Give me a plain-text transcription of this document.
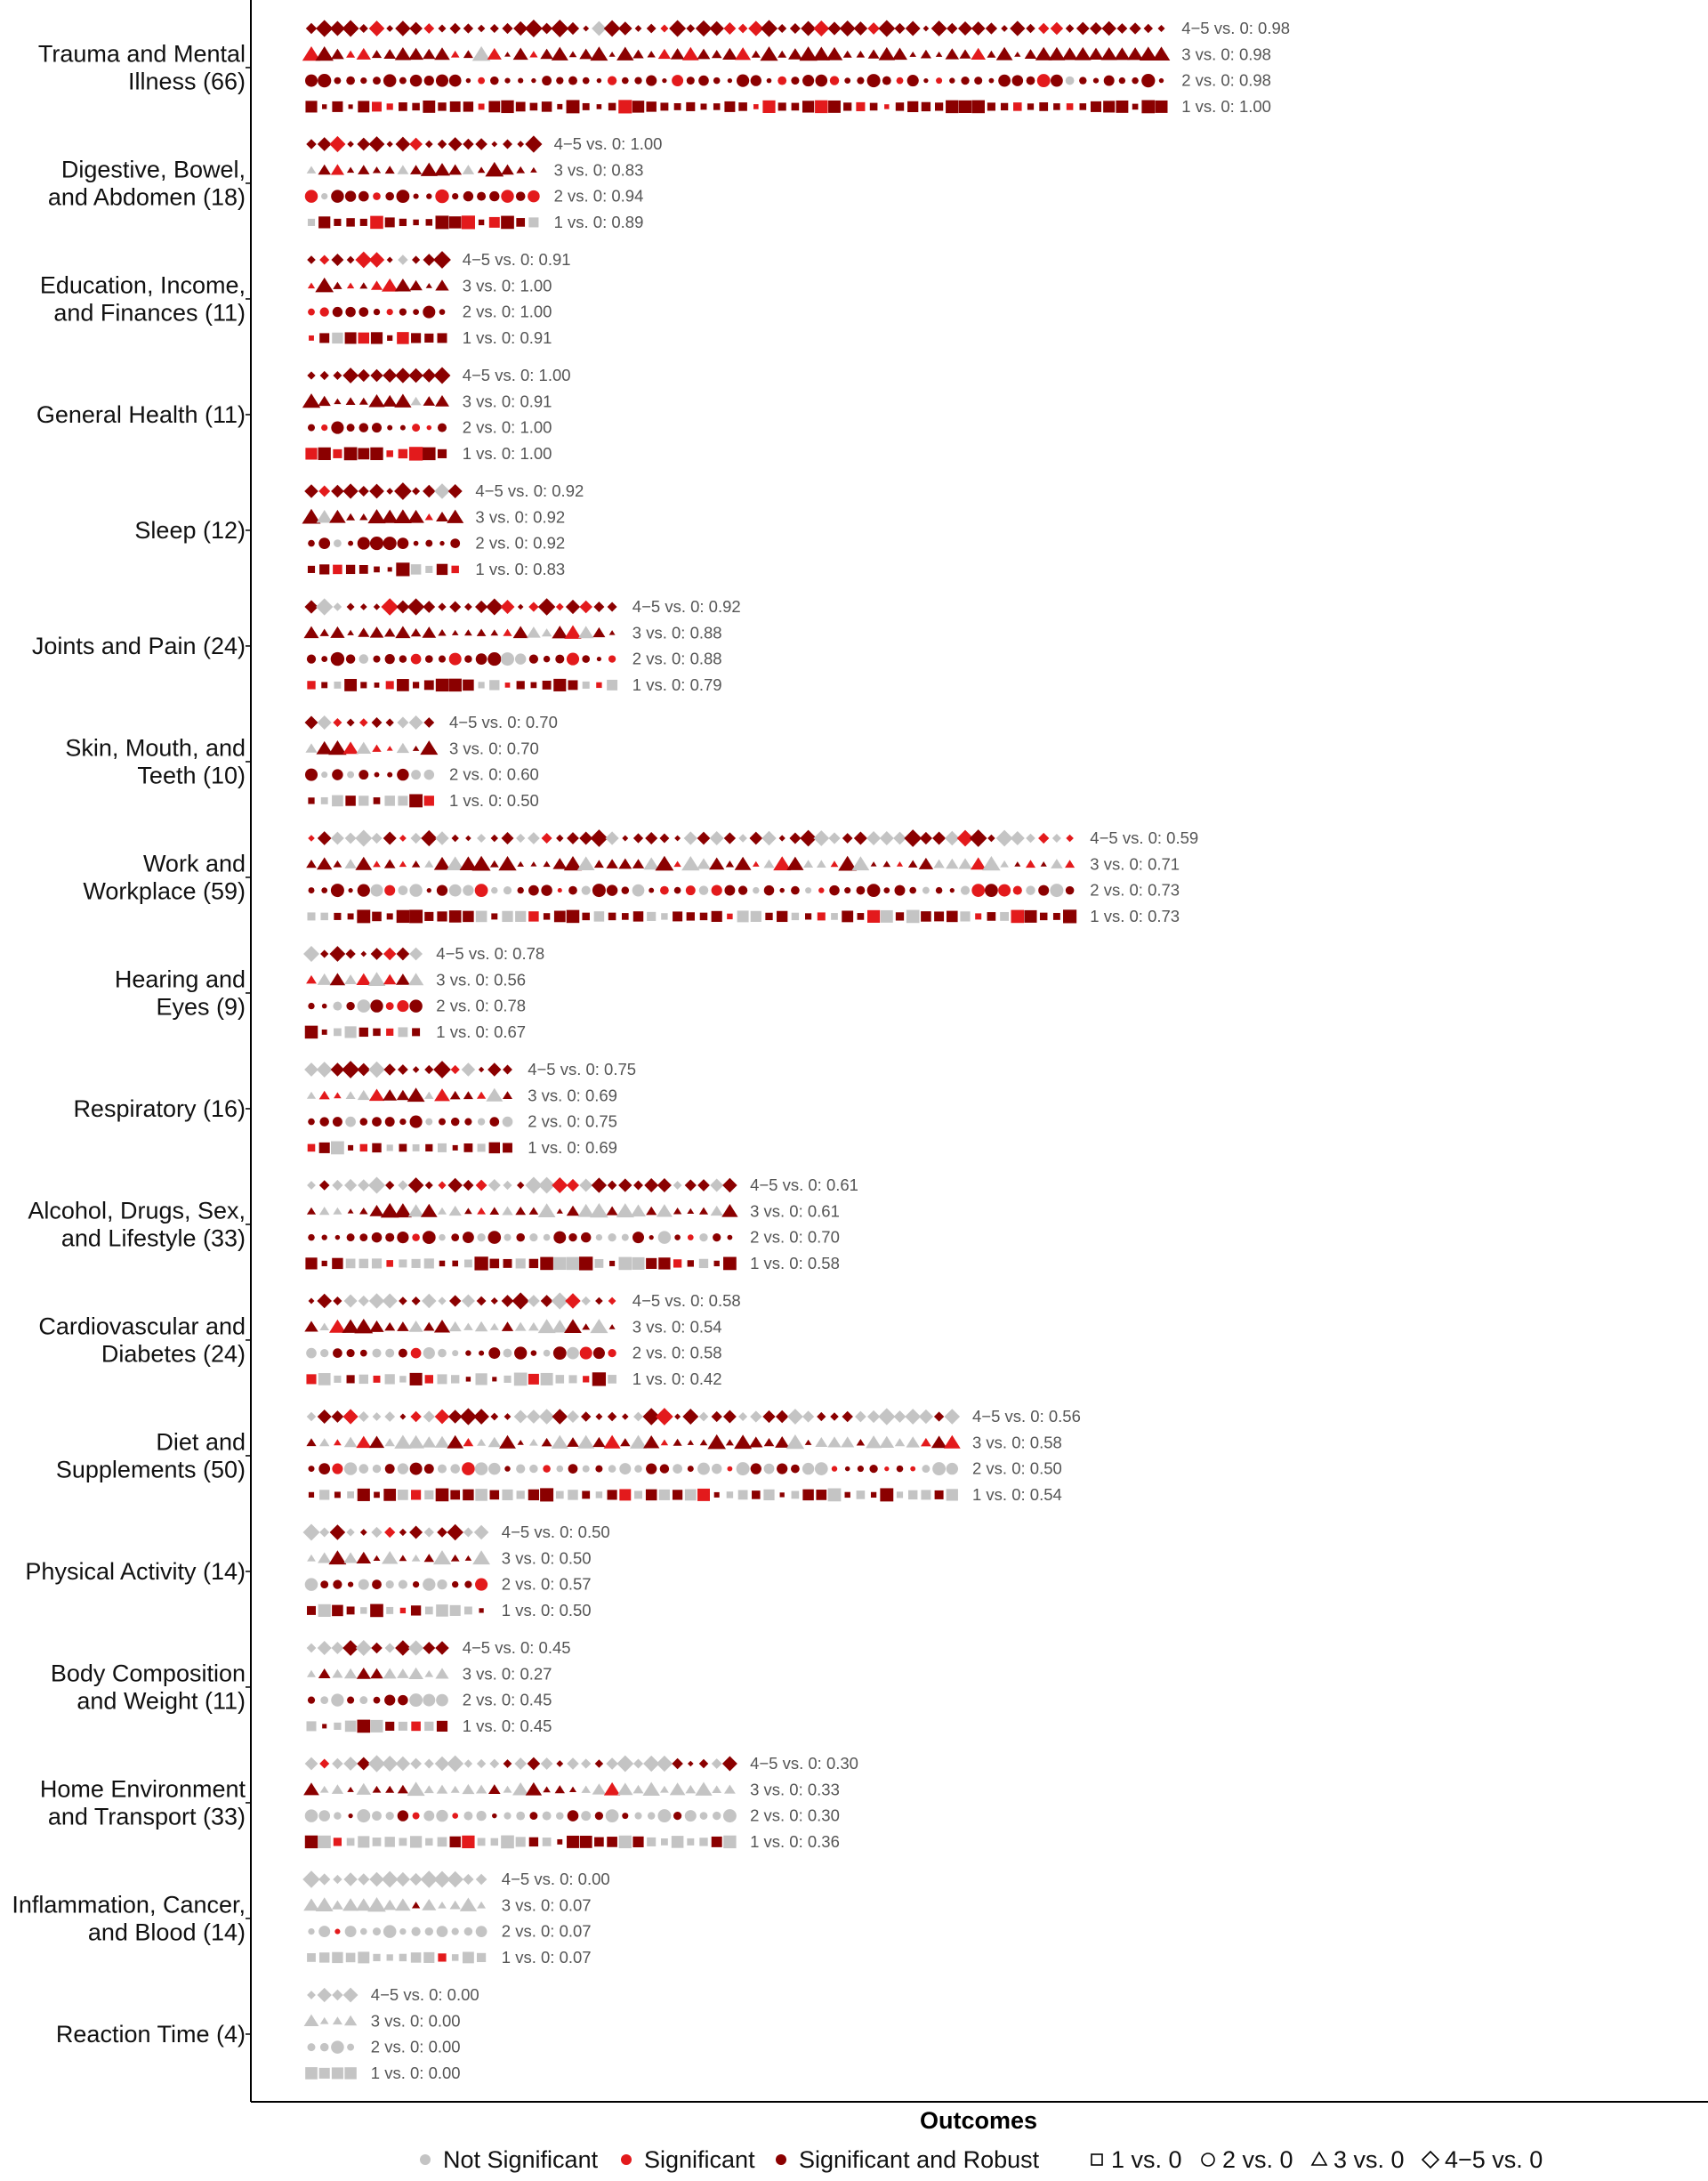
Trauma and Mental
Illness (66)
4−5 vs. 0: 0.98
3 vs. 0: 0.98
2 vs. 0: 0.98
1 vs. 0: 1.00
Digestive, Bowel,
and Abdomen (18)
4−5 vs. 0: 1.00
3 vs. 0: 0.83
2 vs. 0: 0.94
1 vs. 0: 0.89
Education, Income,
and Finances (11)
4−5 vs. 0: 0.91
3 vs. 0: 1.00
2 vs. 0: 1.00
1 vs. 0: 0.91
General Health (11)
4−5 vs. 0: 1.00
3 vs. 0: 0.91
2 vs. 0: 1.00
1 vs. 0: 1.00
Sleep (12)
4−5 vs. 0: 0.92
3 vs. 0: 0.92
2 vs. 0: 0.92
1 vs. 0: 0.83
Joints and Pain (24)
4−5 vs. 0: 0.92
3 vs. 0: 0.88
2 vs. 0: 0.88
1 vs. 0: 0.79
Skin, Mouth, and
Teeth (10)
4−5 vs. 0: 0.70
3 vs. 0: 0.70
2 vs. 0: 0.60
1 vs. 0: 0.50
Work and
Workplace (59)
4−5 vs. 0: 0.59
3 vs. 0: 0.71
2 vs. 0: 0.73
1 vs. 0: 0.73
Hearing and
Eyes (9)
4−5 vs. 0: 0.78
3 vs. 0: 0.56
2 vs. 0: 0.78
1 vs. 0: 0.67
Respiratory (16)
4−5 vs. 0: 0.75
3 vs. 0: 0.69
2 vs. 0: 0.75
1 vs. 0: 0.69
Alcohol, Drugs, Sex,
and Lifestyle (33)
4−5 vs. 0: 0.61
3 vs. 0: 0.61
2 vs. 0: 0.70
1 vs. 0: 0.58
Cardiovascular and
Diabetes (24)
4−5 vs. 0: 0.58
3 vs. 0: 0.54
2 vs. 0: 0.58
1 vs. 0: 0.42
Diet and
Supplements (50)
4−5 vs. 0: 0.56
3 vs. 0: 0.58
2 vs. 0: 0.50
1 vs. 0: 0.54
Physical Activity (14)
4−5 vs. 0: 0.50
3 vs. 0: 0.50
2 vs. 0: 0.57
1 vs. 0: 0.50
Body Composition
and Weight (11)
4−5 vs. 0: 0.45
3 vs. 0: 0.27
2 vs. 0: 0.45
1 vs. 0: 0.45
Home Environment
and Transport (33)
4−5 vs. 0: 0.30
3 vs. 0: 0.33
2 vs. 0: 0.30
1 vs. 0: 0.36
Inflammation, Cancer,
and Blood (14)
4−5 vs. 0: 0.00
3 vs. 0: 0.07
2 vs. 0: 0.07
1 vs. 0: 0.07
Reaction Time (4)
4−5 vs. 0: 0.00
3 vs. 0: 0.00
2 vs. 0: 0.00
1 vs. 0: 0.00
Outcomes
Not Significant Significant Significant and Robust	1 vs. 0 2 vs. 0 3 vs. 0 4−5 vs. 0
